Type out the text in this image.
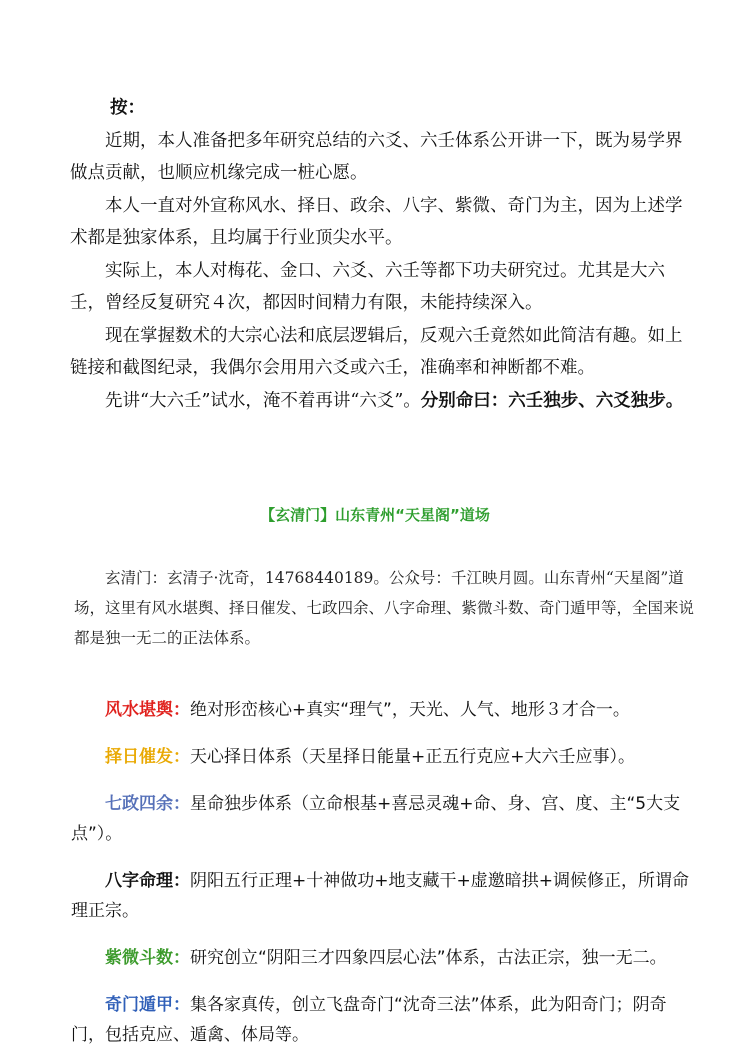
按：

近期，本人准备把多年研究总结的六爻、六壬体系公开讲一下，既为易学界做点贡献，也顺应机缘完成一桩心愿。

本人一直对外宣称风水、择日、政余、八字、紫微、奇门为主，因为上述学术都是独家体系，且均属于行业顶尖水平。

实际上，本人对梅花、金口、六爻、六壬等都下功夫研究过。尤其是大六壬，曾经反复研究４次，都因时间精力有限，未能持续深入。

现在掌握数术的大宗心法和底层逻辑后，反观六壬竟然如此简洁有趣。如上链接和截图纪录，我偶尔会用用六爻或六壬，准确率和神断都不难。

先讲“大六壬”试水，淹不着再讲“六爻”。分别命曰：六壬独步、六爻独步。

【玄清门】山东青州“天星阁”道场

玄清门：玄清子·沈奇，14768440189。公众号：千江映月圆。山东青州“天星阁”道场，这里有风水堪舆、择日催发、七政四余、八字命理、紫微斗数、奇门遁甲等，全国来说都是独一无二的正法体系。

风水堪舆：绝对形峦核心+真实“理气”，天光、人气、地形３才合一。

择日催发：天心择日体系（天星择日能量+正五行克应+大六壬应事）。

七政四余：星命独步体系（立命根基+喜忌灵魂+命、身、宫、度、主“5大支点”）。

八字命理：阴阳五行正理+十神做功+地支藏干+虚邀暗拱+调候修正，所谓命理正宗。

紫微斗数：研究创立“阴阳三才四象四层心法”体系，古法正宗，独一无二。

奇门遁甲：集各家真传，创立飞盘奇门“沈奇三法”体系，此为阳奇门；阴奇门，包括克应、遁禽、体局等。
